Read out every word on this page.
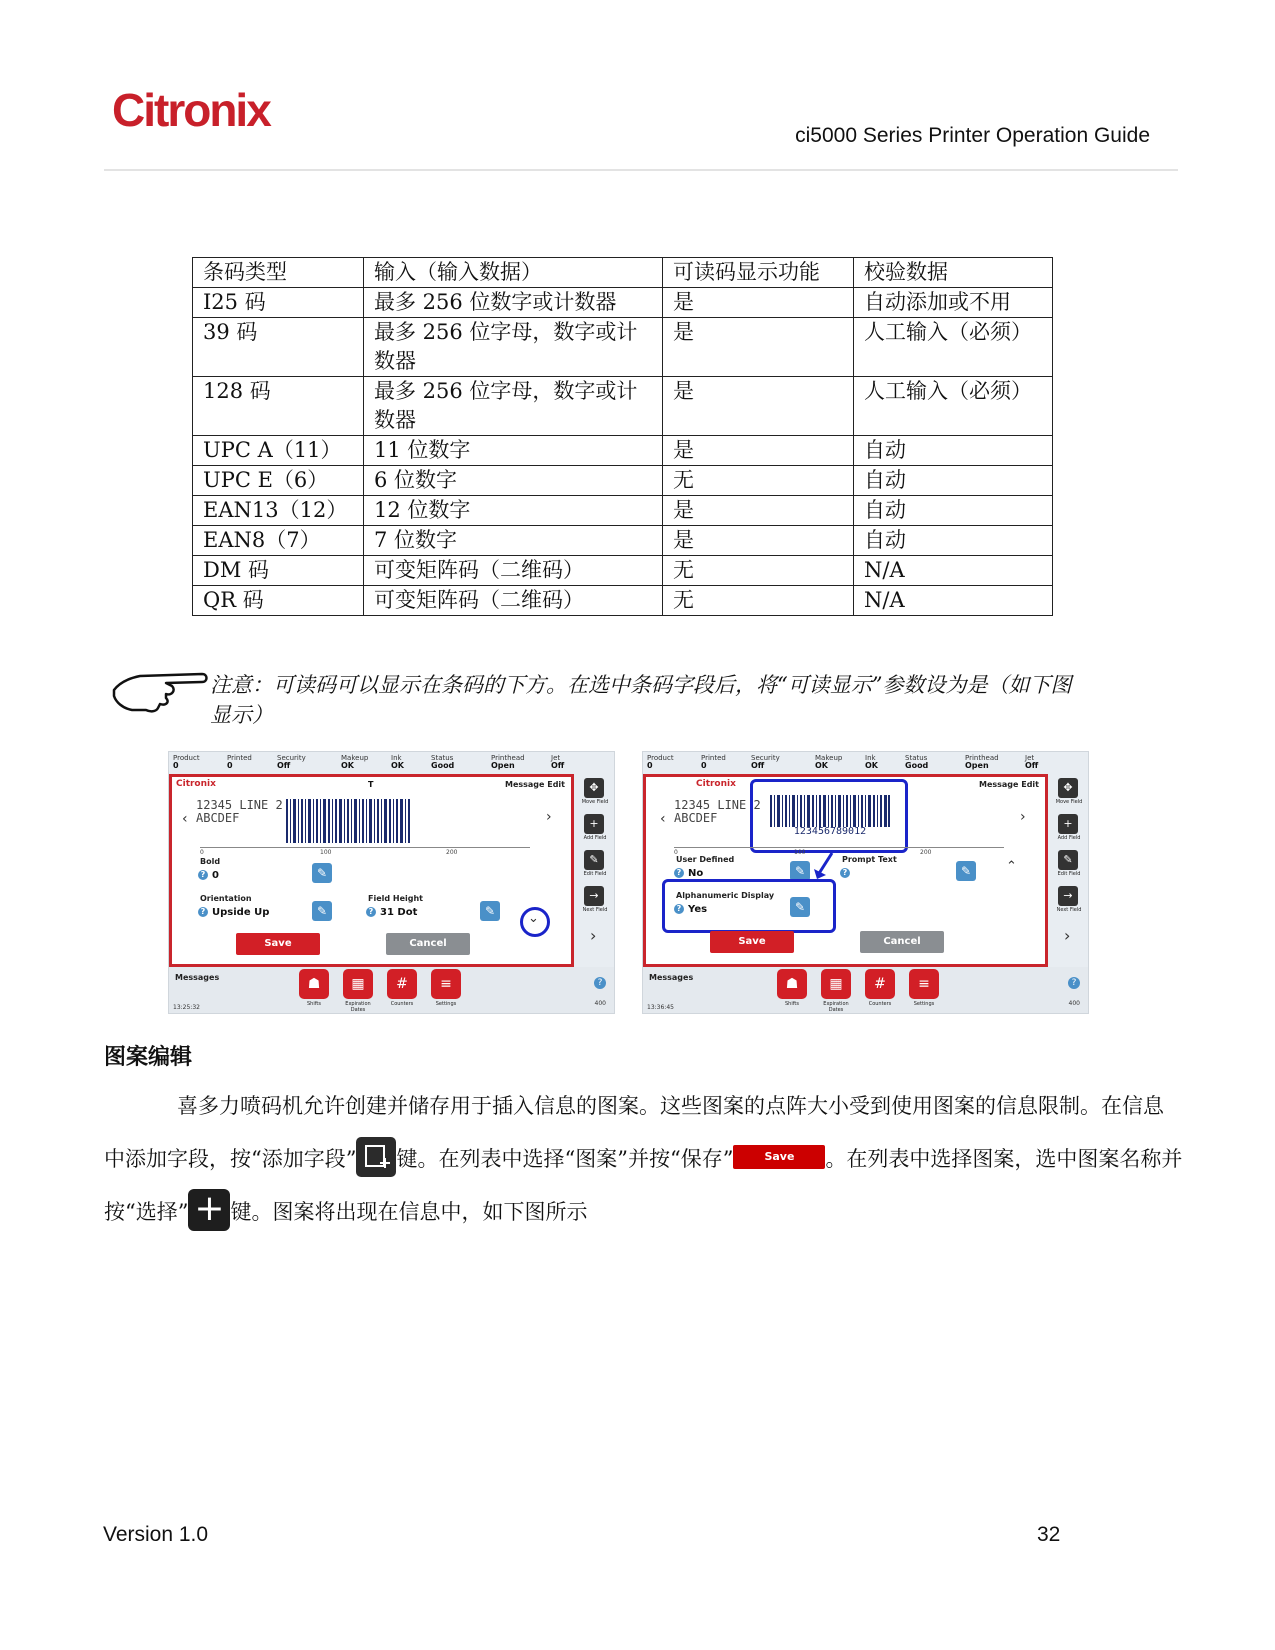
Citronix	ci5000 Series Printer Operation Guide
条码类型	输入（输入数据）	可读码显示功能	校验数据
I25 码	最多 256 位数字或计数器	是	自动添加或不用
39 码	最多 256 位字母，数字或计数器	是	人工输入（必须）
128 码	最多 256 位字母，数字或计数器	是	人工输入（必须）
UPC A（11）	11 位数字	是	自动
UPC E（6）	6 位数字	无	自动
EAN13（12）	12 位数字	是	自动
EAN8（7）	7 位数字	是	自动
DM 码	可变矩阵码（二维码）	无	N/A
QR 码	可变矩阵码（二维码）	无	N/A
注意：可读码可以显示在条码的下方。在选中条码字段后，将“可读显示”参数设为是（如下图显示）
Product
0
Printed
0
Security
Off
Makeup
OK
Ink
OK
Status
Good
Printhead
Open
Jet
Off
Citronix	T	Message Edit
‹	›
12345 LINE 2
ABCDEF
0	100	200
Bold
? 0	✎
Orientation
? Upside Up	✎
Field Height
? 31 Dot	✎	⌄
Save	Cancel
✥
Move Field
+
Add Field
✎
Edit Field
→
Next Field
›
Messages
13:25:32
☗
Shifts
▦
Expiration Dates
#
Counters
≡
Settings
?
400
Product
0
Printed
0
Security
Off
Makeup
OK
Ink
OK
Status
Good
Printhead
Open
Jet
Off
Citronix	Message Edit
‹	›
12345 LINE 2
ABCDEF
123456789012
0	100	200
User Defined
? No	✎
Prompt Text
?	✎	⌃
Alphanumeric Display
? Yes	✎
Save	Cancel
✥
Move Field
+
Add Field
✎
Edit Field
→
Next Field
›
Messages
13:36:45
☗
Shifts
▦
Expiration Dates
#
Counters
≡
Settings
?
400
图案编辑
喜多力喷码机允许创建并储存用于插入信息的图案。这些图案的点阵大小受到使用图案的信息限制。在信息中添加字段，按“添加字段” 键。在列表中选择“图案”并按“保存”	Save 。在列表中选择图案，选中图案名称并按“选择” + 键。图案将出现在信息中，如下图所示
Version 1.0	32
